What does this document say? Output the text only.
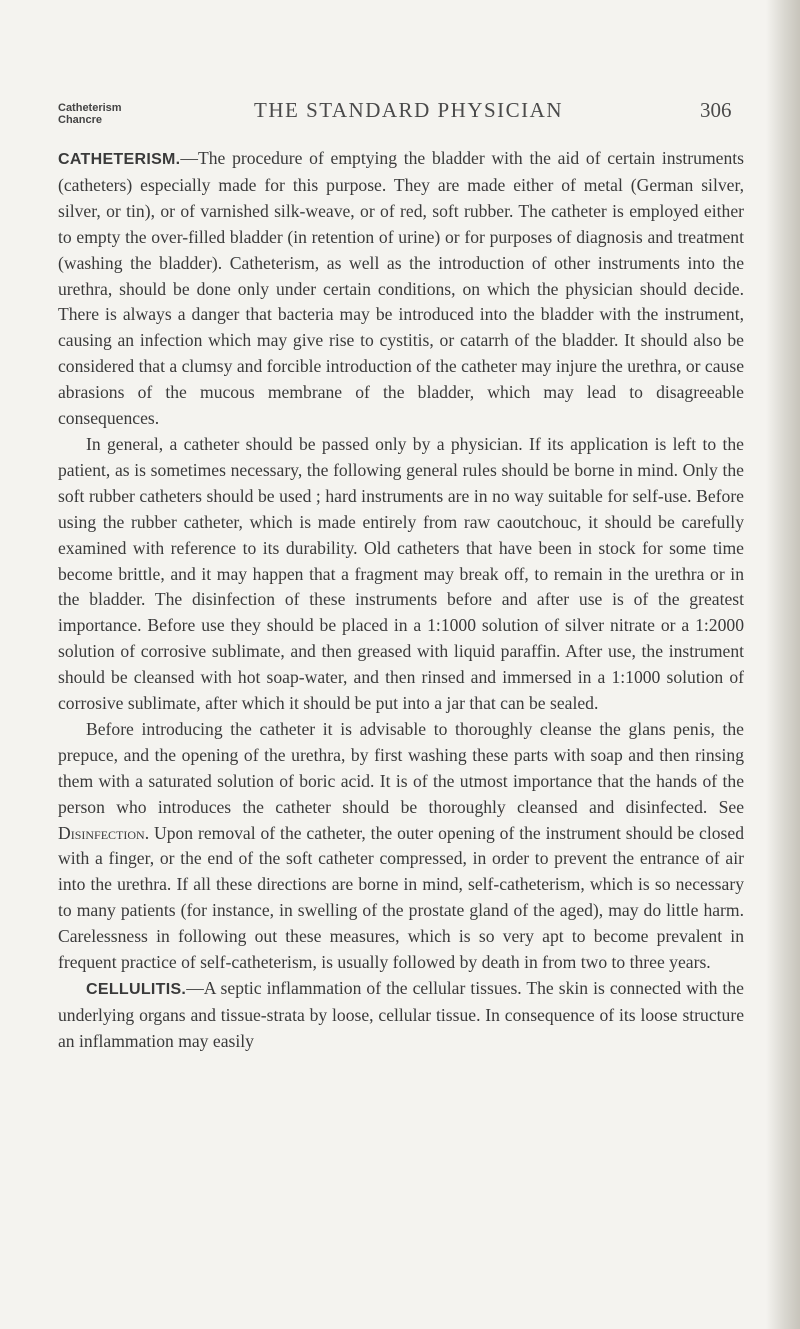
Catheterism
Chancre	THE STANDARD PHYSICIAN	306

CATHETERISM.—The procedure of emptying the bladder with the aid of certain instruments (catheters) especially made for this purpose. They are made either of metal (German silver, silver, or tin), or of varnished silk-weave, or of red, soft rubber. The catheter is employed either to empty the over-filled bladder (in retention of urine) or for purposes of diagnosis and treatment (washing the bladder). Catheterism, as well as the introduction of other instruments into the urethra, should be done only under certain conditions, on which the physician should decide. There is always a danger that bacteria may be introduced into the bladder with the instrument, causing an infection which may give rise to cystitis, or catarrh of the bladder. It should also be considered that a clumsy and forcible introduction of the catheter may injure the urethra, or cause abrasions of the mucous membrane of the bladder, which may lead to disagreeable consequences.

In general, a catheter should be passed only by a physician. If its application is left to the patient, as is sometimes necessary, the following general rules should be borne in mind. Only the soft rubber catheters should be used ; hard instruments are in no way suitable for self-use. Before using the rubber catheter, which is made entirely from raw caoutchouc, it should be carefully examined with reference to its durability. Old catheters that have been in stock for some time become brittle, and it may happen that a fragment may break off, to remain in the urethra or in the bladder. The disinfection of these instruments before and after use is of the greatest importance. Before use they should be placed in a 1:1000 solution of silver nitrate or a 1:2000 solution of corrosive sublimate, and then greased with liquid paraffin. After use, the instrument should be cleansed with hot soap-water, and then rinsed and immersed in a 1:1000 solution of corrosive sublimate, after which it should be put into a jar that can be sealed.

Before introducing the catheter it is advisable to thoroughly cleanse the glans penis, the prepuce, and the opening of the urethra, by first washing these parts with soap and then rinsing them with a saturated solution of boric acid. It is of the utmost importance that the hands of the person who introduces the catheter should be thoroughly cleansed and disinfected. See Disinfection. Upon removal of the catheter, the outer opening of the instrument should be closed with a finger, or the end of the soft catheter compressed, in order to prevent the entrance of air into the urethra. If all these directions are borne in mind, self-catheterism, which is so necessary to many patients (for instance, in swelling of the prostate gland of the aged), may do little harm. Carelessness in following out these measures, which is so very apt to become prevalent in frequent practice of self-catheterism, is usually followed by death in from two to three years.

CELLULITIS.—A septic inflammation of the cellular tissues. The skin is connected with the underlying organs and tissue-strata by loose, cellular tissue. In consequence of its loose structure an inflammation may easily
